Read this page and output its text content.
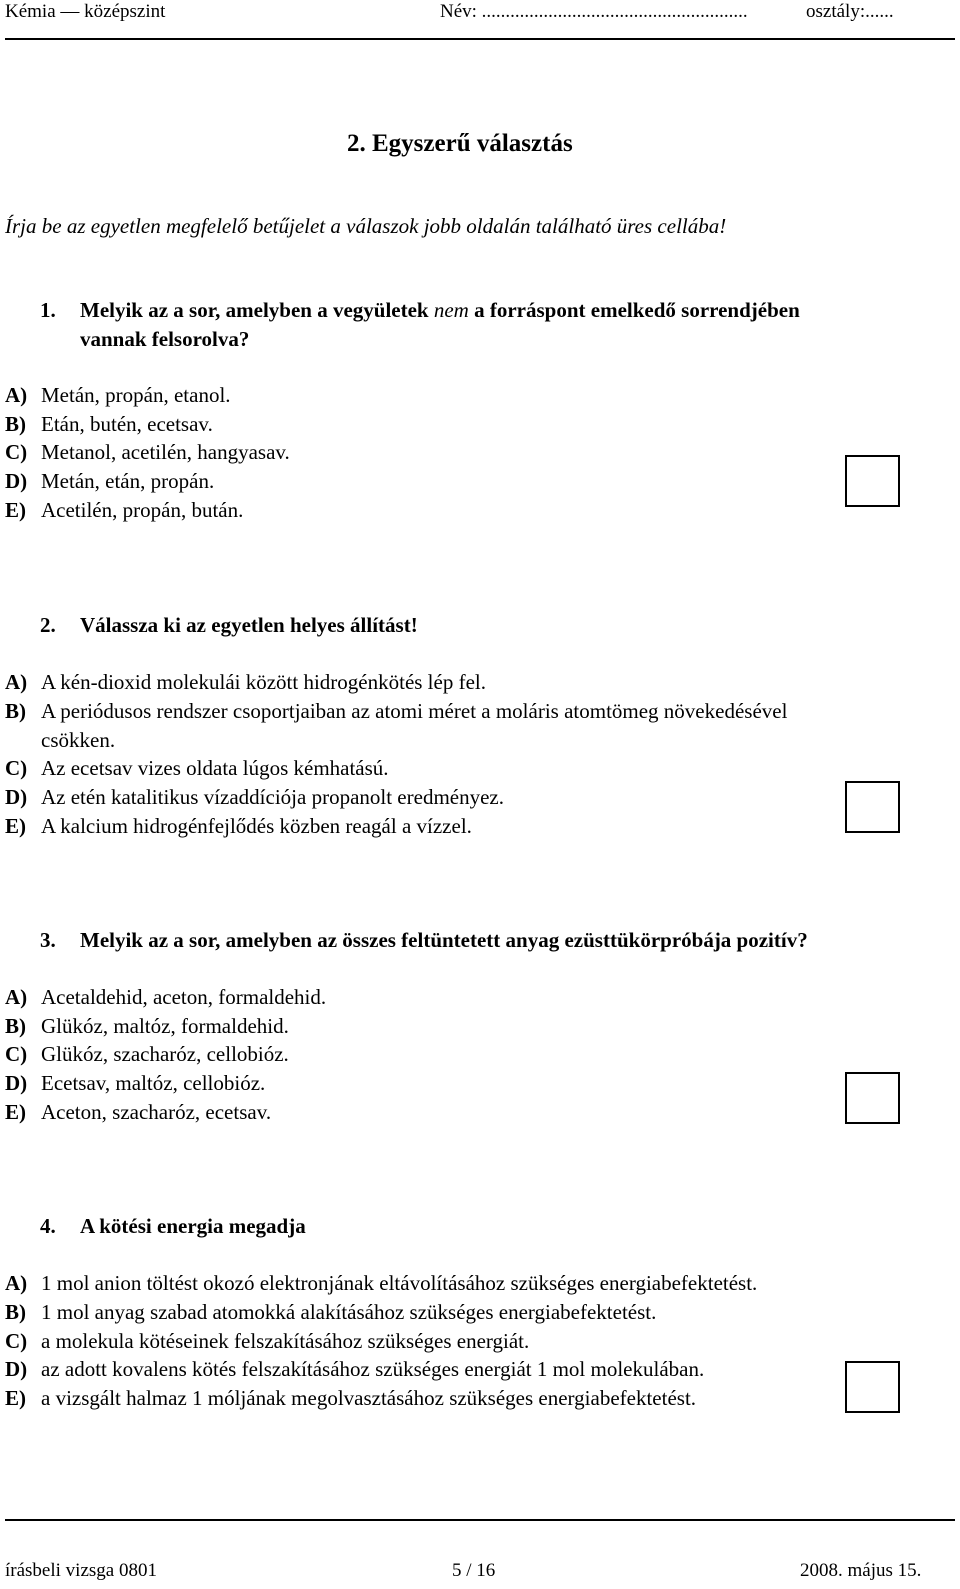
Kémia — középszint	Név: ........................................................	osztály:......
2. Egyszerű választás
Írja be az egyetlen megfelelő betűjelet a válaszok jobb oldalán található üres cellába!
1. Melyik az a sor, amelyben a vegyületek nem a forráspont emelkedő sorrendjében
vannak felsorolva?
A) Metán, propán, etanol.
B) Etán, butén, ecetsav.
C) Metanol, acetilén, hangyasav.
D) Metán, etán, propán.
E) Acetilén, propán, bután.
2. Válassza ki az egyetlen helyes állítást!
A) A kén-dioxid molekulái között hidrogénkötés lép fel.
B) A periódusos rendszer csoportjaiban az atomi méret a moláris atomtömeg növekedésével
csökken.
C) Az ecetsav vizes oldata lúgos kémhatású.
D) Az etén katalitikus vízaddíciója propanolt eredményez.
E) A kalcium hidrogénfejlődés közben reagál a vízzel.
3. Melyik az a sor, amelyben az összes feltüntetett anyag ezüsttükörpróbája pozitív?
A) Acetaldehid, aceton, formaldehid.
B) Glükóz, maltóz, formaldehid.
C) Glükóz, szacharóz, cellobióz.
D) Ecetsav, maltóz, cellobióz.
E) Aceton, szacharóz, ecetsav.
4. A kötési energia megadja
A) 1 mol anion töltést okozó elektronjának eltávolításához szükséges energiabefektetést.
B) 1 mol anyag szabad atomokká alakításához szükséges energiabefektetést.
C) a molekula kötéseinek felszakításához szükséges energiát.
D) az adott kovalens kötés felszakításához szükséges energiát 1 mol molekulában.
E) a vizsgált halmaz 1 móljának megolvasztásához szükséges energiabefektetést.
írásbeli vizsga 0801	5 / 16	2008. május 15.
